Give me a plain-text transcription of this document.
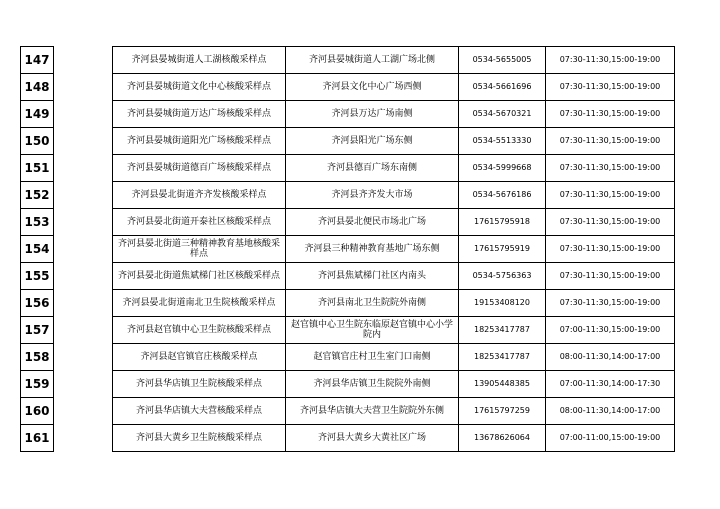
147		齐河县晏城街道人工湖核酸采样点	齐河县晏城街道人工湖广场北侧	0534-5655005	07:30-11:30,15:00-19:00
148		齐河县晏城街道文化中心核酸采样点	齐河县文化中心广场西侧	0534-5661696	07:30-11:30,15:00-19:00
149		齐河县晏城街道万达广场核酸采样点	齐河县万达广场南侧	0534-5670321	07:30-11:30,15:00-19:00
150		齐河县晏城街道阳光广场核酸采样点	齐河县阳光广场东侧	0534-5513330	07:30-11:30,15:00-19:00
151		齐河县晏城街道德百广场核酸采样点	齐河县德百广场东南侧	0534-5999668	07:30-11:30,15:00-19:00
152		齐河县晏北街道齐齐发核酸采样点	齐河县齐齐发大市场	0534-5676186	07:30-11:30,15:00-19:00
153		齐河县晏北街道开泰社区核酸采样点	齐河县晏北便民市场北广场	17615795918	07:30-11:30,15:00-19:00
154		齐河县晏北街道三种精神教育基地核酸采样点	齐河县三种精神教育基地广场东侧	17615795919	07:30-11:30,15:00-19:00
155		齐河县晏北街道焦斌梯门社区核酸采样点	齐河县焦斌梯门社区内南头	0534-5756363	07:30-11:30,15:00-19:00
156		齐河县晏北街道南北卫生院核酸采样点	齐河县南北卫生院院外南侧	19153408120	07:30-11:30,15:00-19:00
157		齐河县赵官镇中心卫生院核酸采样点	赵官镇中心卫生院东临原赵官镇中心小学院内	18253417787	07:00-11:30,15:00-19:00
158		齐河县赵官镇官庄核酸采样点	赵官镇官庄村卫生室门口南侧	18253417787	08:00-11:30,14:00-17:00
159		齐河县华店镇卫生院核酸采样点	齐河县华店镇卫生院院外南侧	13905448385	07:00-11:30,14:00-17:30
160		齐河县华店镇大夫营核酸采样点	齐河县华店镇大夫营卫生院院外东侧	17615797259	08:00-11:30,14:00-17:00
161		齐河县大黄乡卫生院核酸采样点	齐河县大黄乡大黄社区广场	13678626064	07:00-11:00,15:00-19:00
